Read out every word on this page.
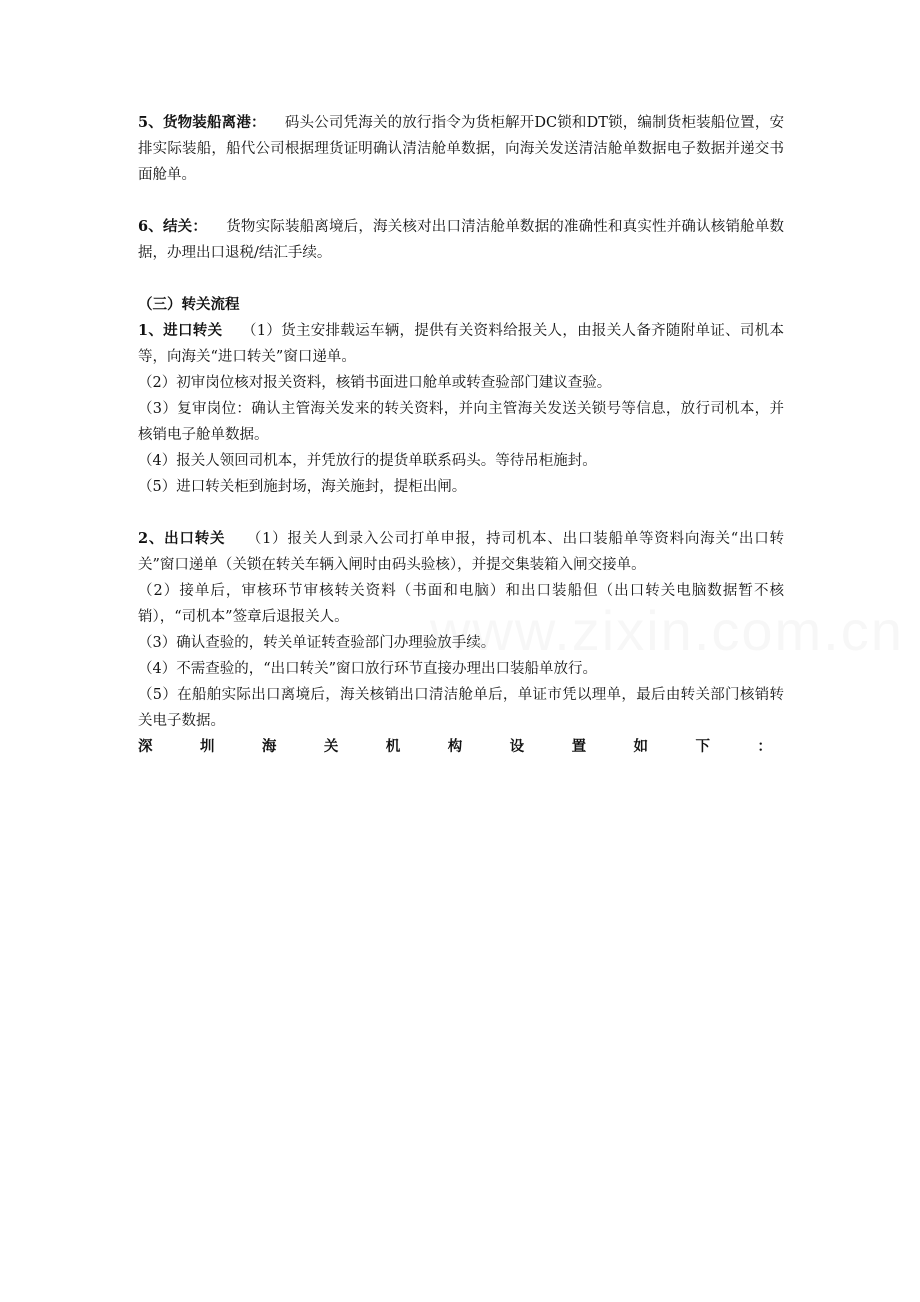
5、货物装船离港： 码头公司凭海关的放行指令为货柜解开DC锁和DT锁，编制货柜装船位置，安排实际装船，船代公司根据理货证明确认清洁舱单数据，向海关发送清洁舱单数据电子数据并递交书面舱单。

6、结关： 货物实际装船离境后，海关核对出口清洁舱单数据的准确性和真实性并确认核销舱单数据，办理出口退税/结汇手续。

（三）转关流程

1、进口转关 （1）货主安排载运车辆，提供有关资料给报关人，由报关人备齐随附单证、司机本等，向海关“进口转关”窗口递单。

（2）初审岗位核对报关资料，核销书面进口舱单或转查验部门建议查验。

（3）复审岗位：确认主管海关发来的转关资料，并向主管海关发送关锁号等信息，放行司机本，并核销电子舱单数据。

（4）报关人领回司机本，并凭放行的提货单联系码头。等待吊柜施封。

（5）进口转关柜到施封场，海关施封，提柜出闸。

2、出口转关 （1）报关人到录入公司打单申报，持司机本、出口装船单等资料向海关“出口转关”窗口递单（关锁在转关车辆入闸时由码头验核），并提交集装箱入闸交接单。

（2）接单后，审核环节审核转关资料（书面和电脑）和出口装船但（出口转关电脑数据暂不核销），“司机本”签章后退报关人。

（3）确认查验的，转关单证转查验部门办理验放手续。

（4）不需查验的，“出口转关”窗口放行环节直接办理出口装船单放行。

（5）在船舶实际出口离境后，海关核销出口清洁舱单后，单证市凭以理单，最后由转关部门核销转关电子数据。

深	圳	海	关	机	构	设	置	如	下	：
www.zixin.com.cn
